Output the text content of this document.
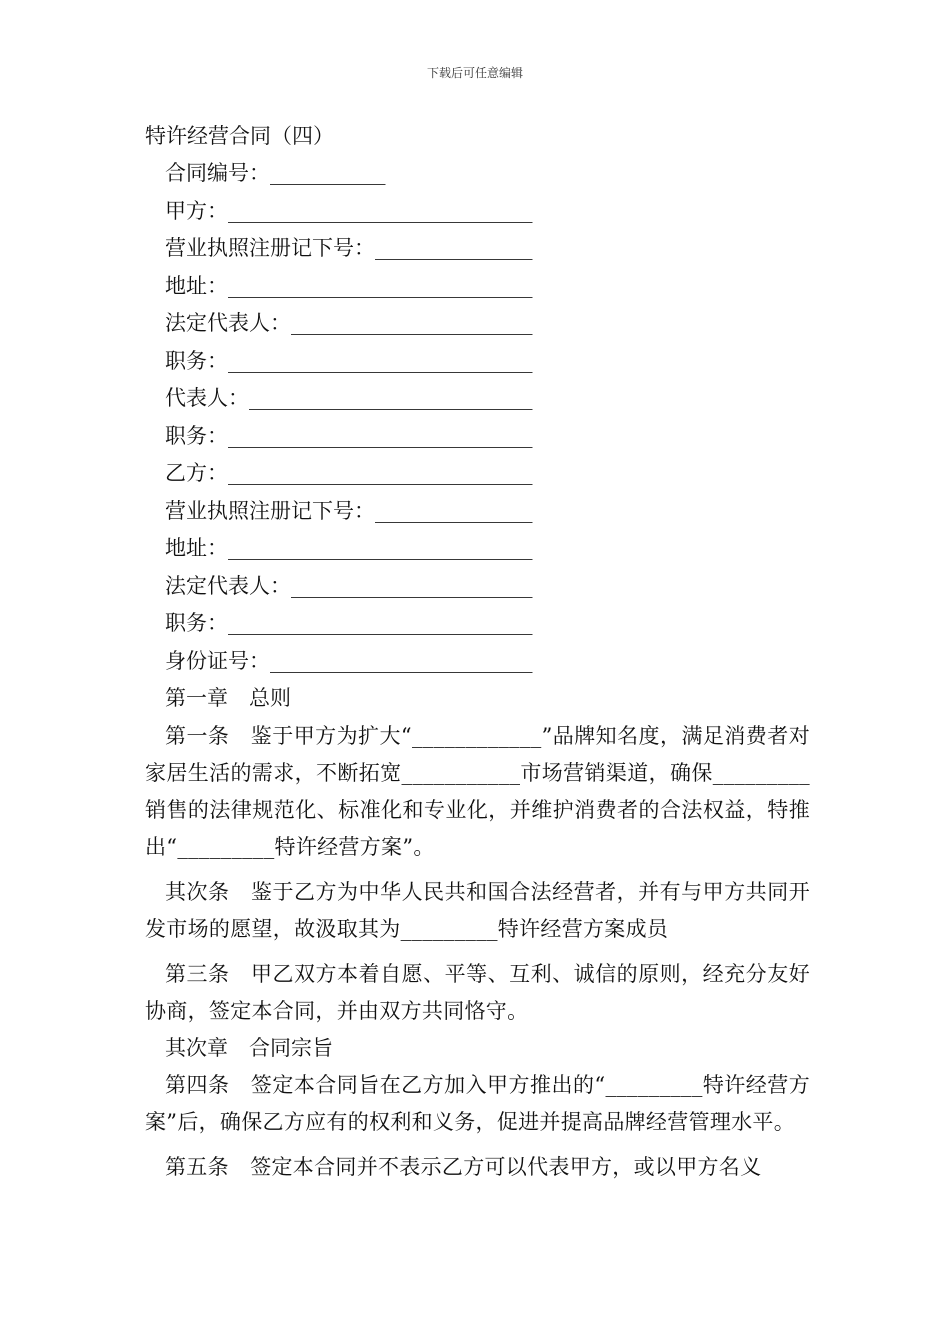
下载后可任意编辑
特许经营合同（四）
合同编号：___________
甲方：_____________________________
营业执照注册记下号：_______________
地址：_____________________________
法定代表人：_______________________
职务：_____________________________
代表人：___________________________
职务：_____________________________
乙方：_____________________________
营业执照注册记下号：_______________
地址：_____________________________
法定代表人：_______________________
职务：_____________________________
身份证号：_________________________
第一章　总则

第一条　鉴于甲方为扩大“____________”品牌知名度，满足消费者对家居生活的需求，不断拓宽___________市场营销渠道，确保_________销售的法律规范化、标准化和专业化，并维护消费者的合法权益，特推出“_________特许经营方案”。

其次条　鉴于乙方为中华人民共和国合法经营者，并有与甲方共同开发市场的愿望，故汲取其为_________特许经营方案成员

第三条　甲乙双方本着自愿、平等、互利、诚信的原则，经充分友好协商，签定本合同，并由双方共同恪守。

其次章　合同宗旨

第四条　签定本合同旨在乙方加入甲方推出的“_________特许经营方案”后，确保乙方应有的权利和义务，促进并提高品牌经营管理水平。

第五条　签定本合同并不表示乙方可以代表甲方，或以甲方名义
